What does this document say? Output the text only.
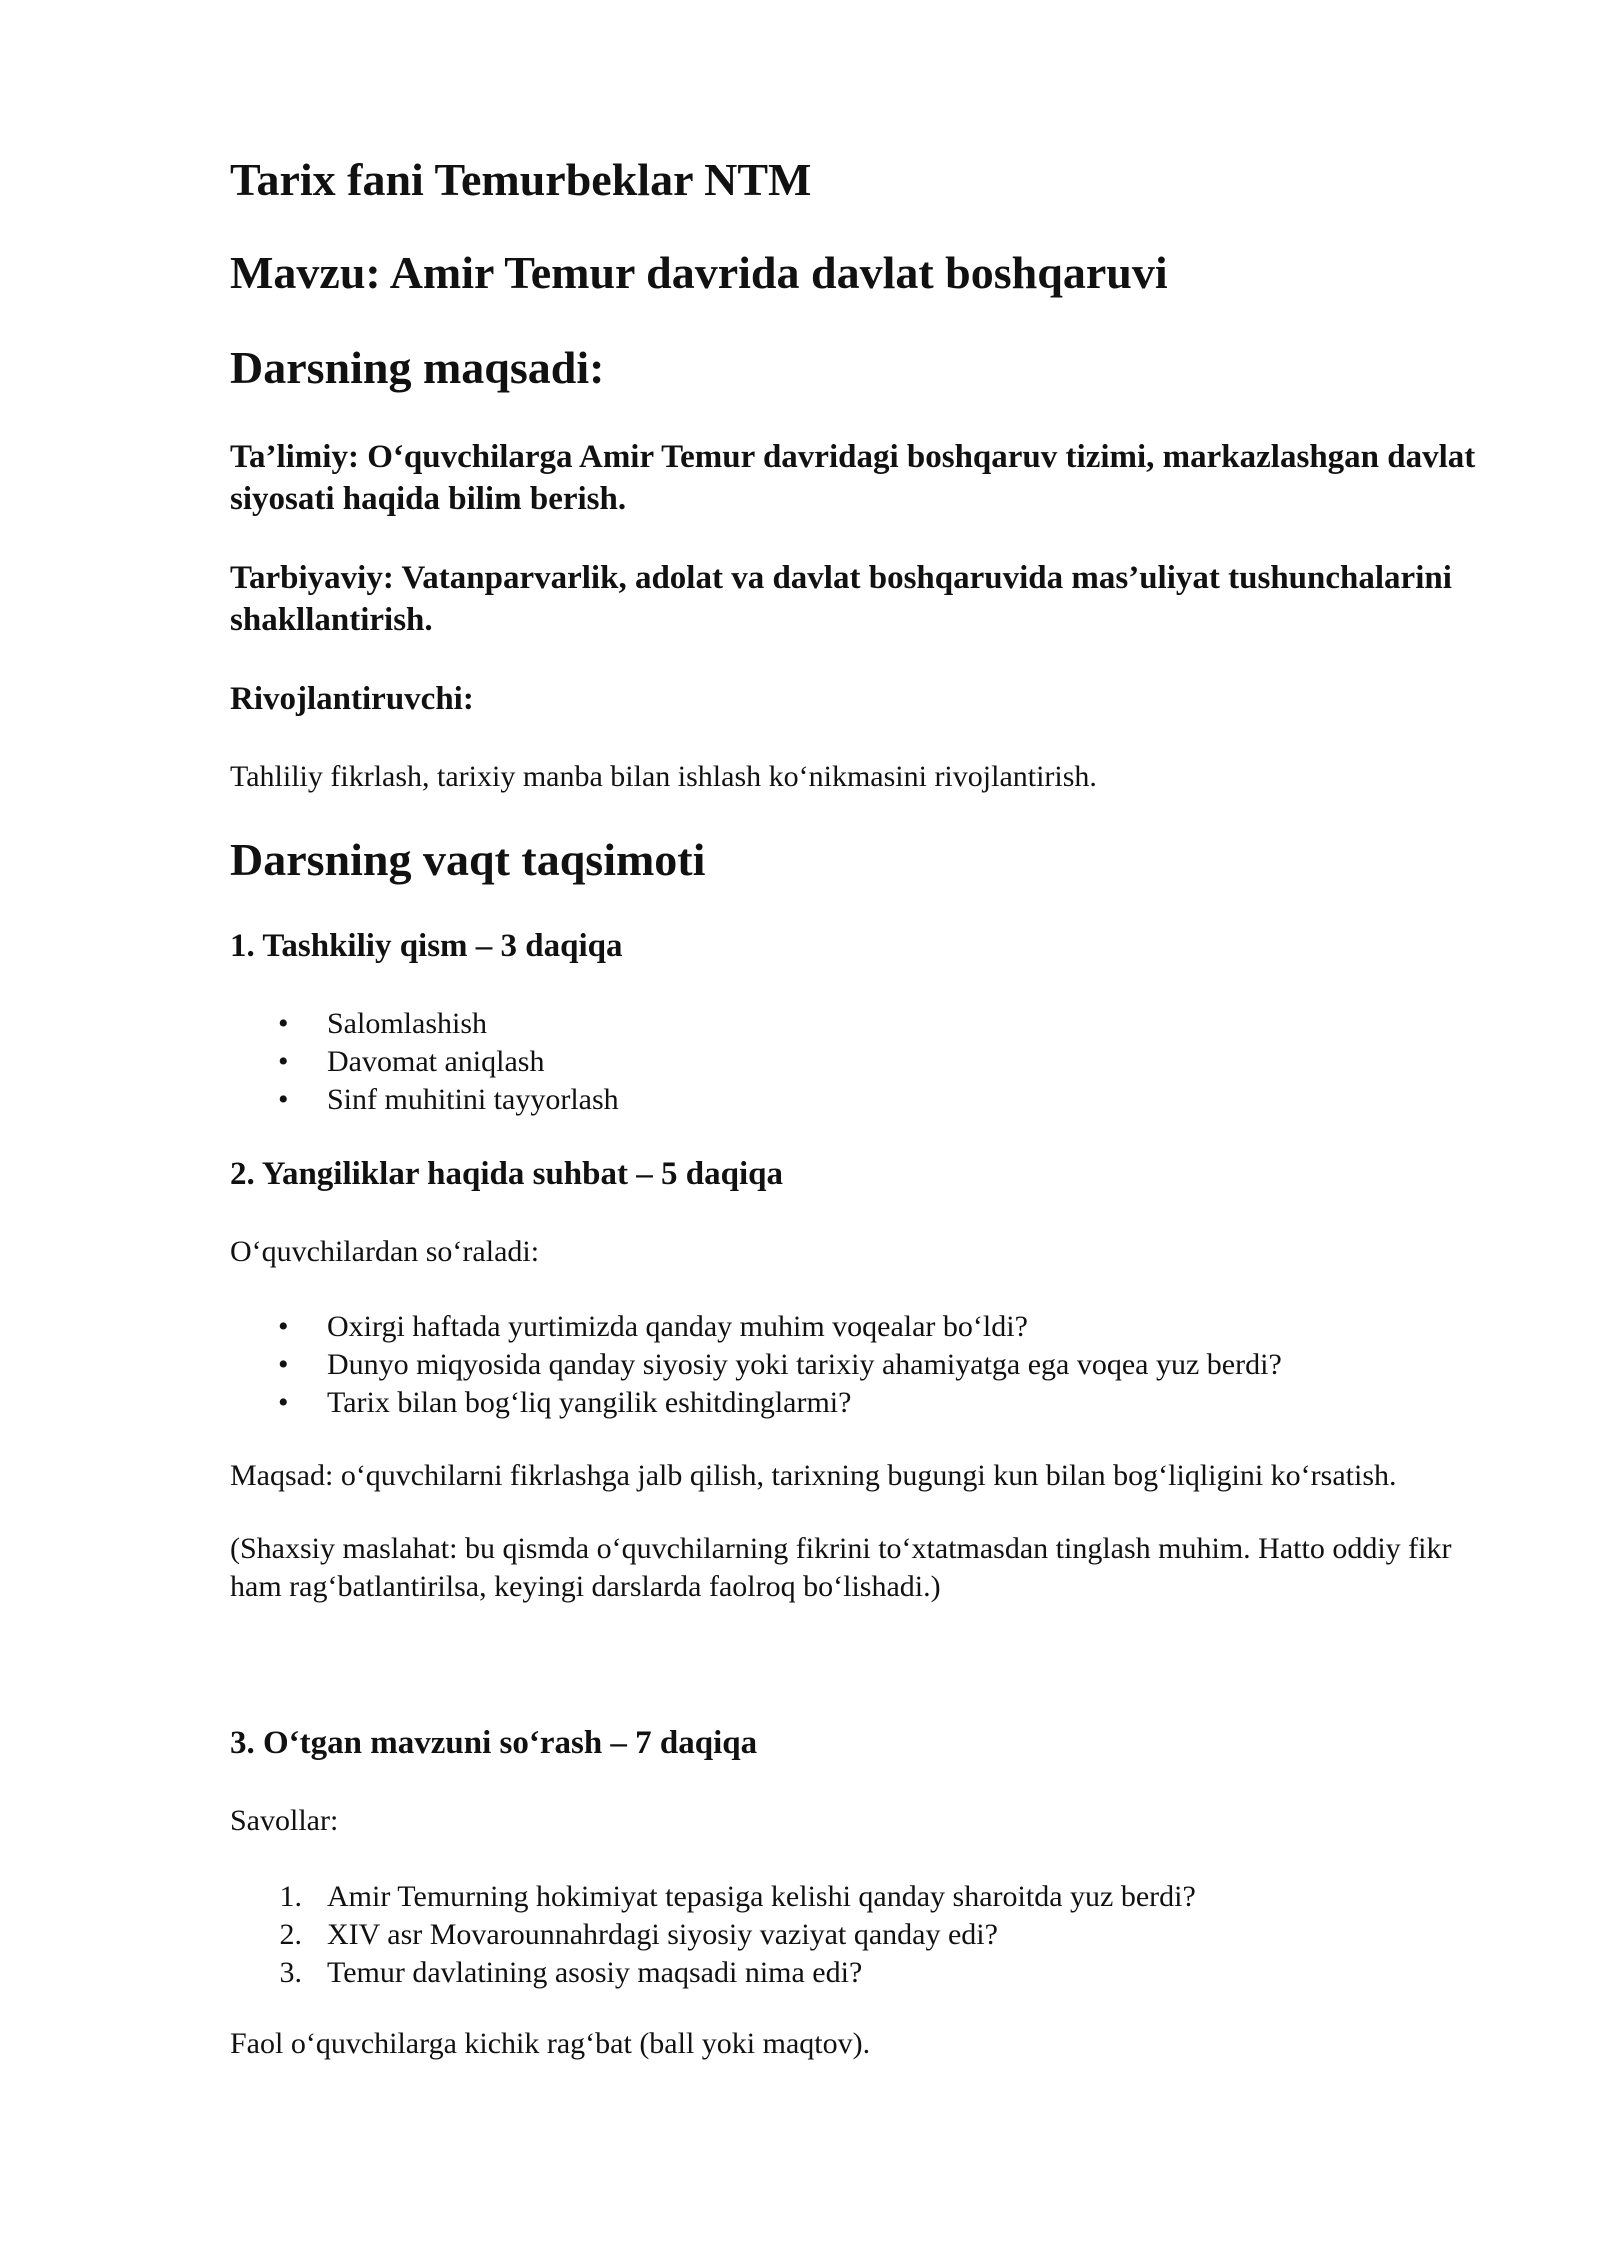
Tarix fani Temurbeklar NTM
Mavzu: Amir Temur davrida davlat boshqaruvi
Darsning maqsadi:

Ta’limiy: O‘quvchilarga Amir Temur davridagi boshqaruv tizimi, markazlashgan davlat siyosati haqida bilim berish.

Tarbiyaviy: Vatanparvarlik, adolat va davlat boshqaruvida mas’uliyat tushunchalarini shakllantirish.

Rivojlantiruvchi:

Tahliliy fikrlash, tarixiy manba bilan ishlash ko‘nikmasini rivojlantirish.

Darsning vaqt taqsimoti
1. Tashkiliy qism – 3 daqiqa
• Salomlashish
• Davomat aniqlash
• Sinf muhitini tayyorlash
2. Yangiliklar haqida suhbat – 5 daqiqa

O‘quvchilardan so‘raladi:

• Oxirgi haftada yurtimizda qanday muhim voqealar bo‘ldi?
• Dunyo miqyosida qanday siyosiy yoki tarixiy ahamiyatga ega voqea yuz berdi?
• Tarix bilan bog‘liq yangilik eshitdinglarmi?

Maqsad: o‘quvchilarni fikrlashga jalb qilish, tarixning bugungi kun bilan bog‘liqligini ko‘rsatish.

(Shaxsiy maslahat: bu qismda o‘quvchilarning fikrini to‘xtatmasdan tinglash muhim. Hatto oddiy fikr ham rag‘batlantirilsa, keyingi darslarda faolroq bo‘lishadi.)

3. O‘tgan mavzuni so‘rash – 7 daqiqa

Savollar:

1. Amir Temurning hokimiyat tepasiga kelishi qanday sharoitda yuz berdi?
2. XIV asr Movarounnahrdagi siyosiy vaziyat qanday edi?
3. Temur davlatining asosiy maqsadi nima edi?

Faol o‘quvchilarga kichik rag‘bat (ball yoki maqtov).
